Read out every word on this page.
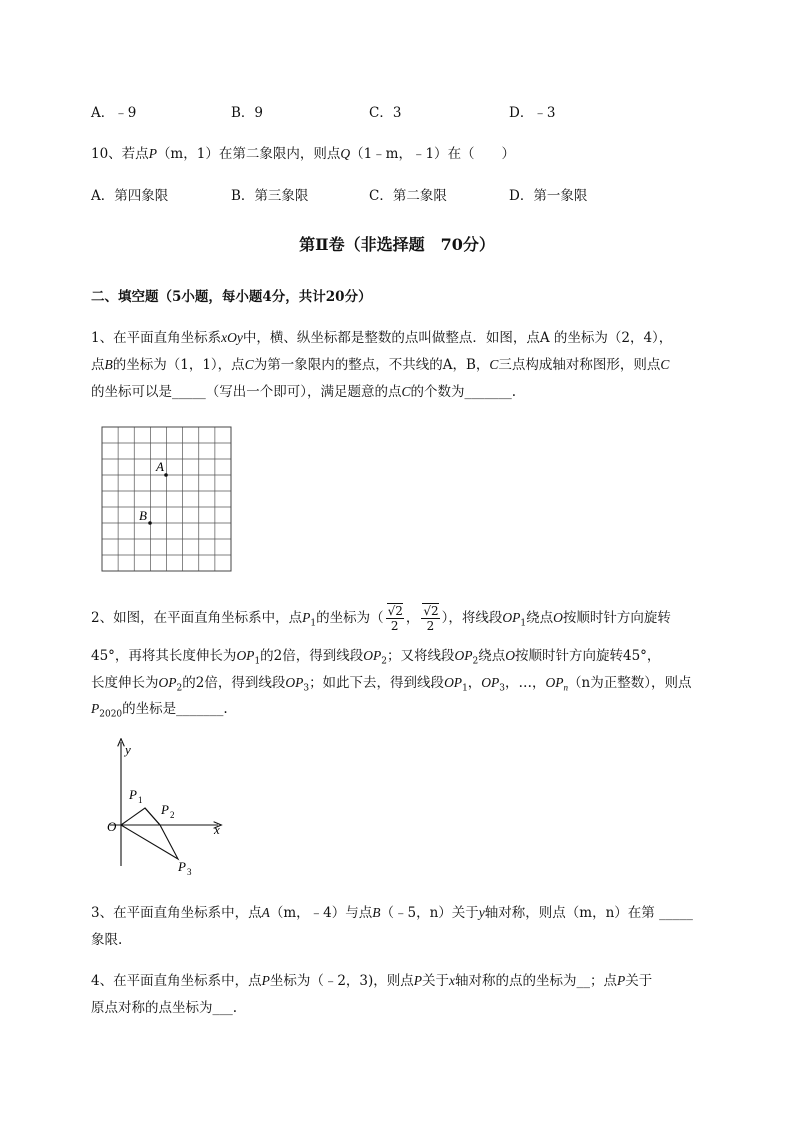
A．﹣9	B．9	C．3	D．﹣3
10、若点P（m，1）在第二象限内，则点Q（1﹣m，﹣1）在（　　）
A．第四象限	B．第三象限	C．第二象限	D．第一象限
第Ⅱ卷（非选择题　70分）
二、填空题（5小题，每小题4分，共计20分）
1、在平面直角坐标系xOy中，横、纵坐标都是整数的点叫做整点．如图，点A 的坐标为（2，4），
点B的坐标为（1，1），点C为第一象限内的整点，不共线的A，B，C三点构成轴对称图形，则点C
的坐标可以是_____（写出一个即可），满足题意的点C的个数为_______.
A
B
2、如图，在平面直角坐标系中，点$P_1$的坐标为（ $\frac{√2}{2}$ ， $\frac{√2}{2}$ ），将线段$OP_1$绕点O按顺时针方向旋转
45°，再将其长度伸长为$OP_1$的2倍，得到线段$OP_2$；又将线段$OP_2$绕点O按顺时针方向旋转45°，
长度伸长为$OP_2$的2倍，得到线段$OP_3$；如此下去，得到线段$OP_1$，$OP_3$，…，$OP_n(n$为正整数），则点
$P_{2020}$的坐标是_______.
y
x
O
P 1
P 2
P 3
3、在平面直角坐标系中，点A（m，﹣4）与点B（﹣5，n）关于y轴对称，则点（m，n）在第 _____
象限.
4、在平面直角坐标系中，点P坐标为（﹣2，3)，则点P关于x轴对称的点的坐标为__；点P关于
原点对称的点坐标为___.
